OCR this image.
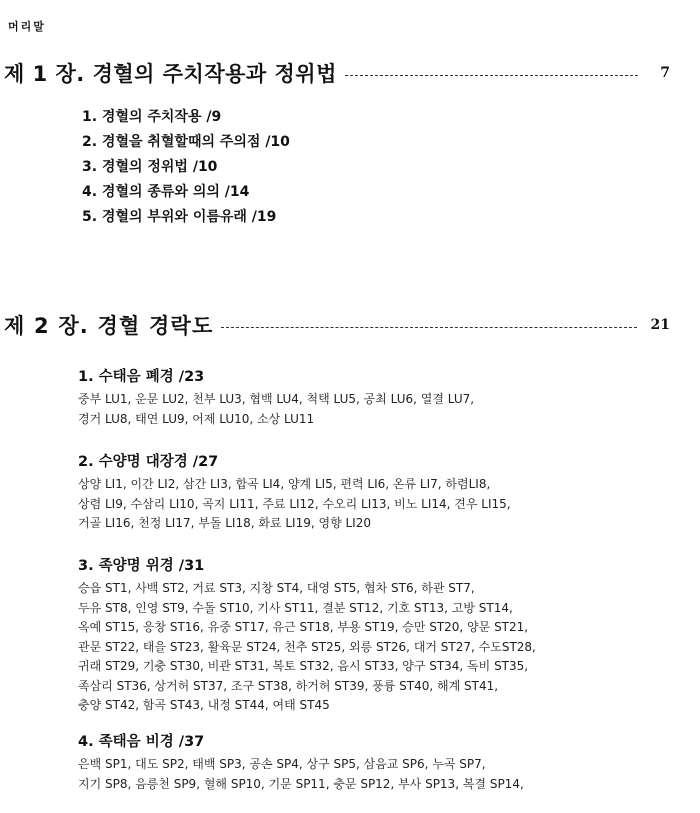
머리말
제 1 장. 경혈의 주치작용과 정위법	7
1. 경혈의 주치작용 /9
2. 경혈을 취혈할때의 주의점 /10
3. 경혈의 정위법 /10
4. 경혈의 종류와 의의 /14
5. 경혈의 부위와 이름유래 /19
제 2 장. 경혈 경락도	21
1. 수태음 폐경 /23
중부 LU1, 운문 LU2, 천부 LU3, 협백 LU4, 척택 LU5, 공최 LU6, 열결 LU7,
경거 LU8, 태연 LU9, 어제 LU10, 소상 LU11
2. 수양명 대장경 /27
상양 LI1, 이간 LI2, 삼간 LI3, 합곡 LI4, 양계 LI5, 편력 LI6, 온류 LI7, 하렴LI8,
상렴 LI9, 수삼리 LI10, 곡지 LI11, 주료 LI12, 수오리 LI13, 비노 LI14, 견우 LI15,
거골 LI16, 천정 LI17, 부돌 LI18, 화료 LI19, 영향 LI20
3. 족양명 위경 /31
승읍 ST1, 사백 ST2, 거료 ST3, 지창 ST4, 대영 ST5, 협차 ST6, 하관 ST7,
두유 ST8, 인영 ST9, 수돌 ST10, 기사 ST11, 결분 ST12, 기호 ST13, 고방 ST14,
옥예 ST15, 응창 ST16, 유중 ST17, 유근 ST18, 부용 ST19, 승만 ST20, 양문 ST21,
관문 ST22, 태을 ST23, 활육문 ST24, 천추 ST25, 외릉 ST26, 대거 ST27, 수도ST28,
귀래 ST29, 기충 ST30, 비관 ST31, 복토 ST32, 음시 ST33, 양구 ST34, 독비 ST35,
족삼리 ST36, 상거허 ST37, 조구 ST38, 하거허 ST39, 풍륭 ST40, 해계 ST41,
충양 ST42, 함곡 ST43, 내정 ST44, 여태 ST45
4. 족태음 비경 /37
은백 SP1, 대도 SP2, 태백 SP3, 공손 SP4, 상구 SP5, 삼음교 SP6, 누곡 SP7,
지기 SP8, 음릉천 SP9, 혈해 SP10, 기문 SP11, 충문 SP12, 부사 SP13, 복결 SP14,
